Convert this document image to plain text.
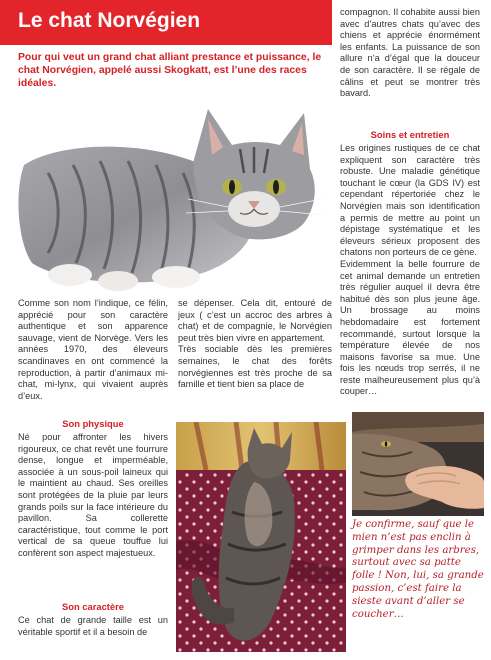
Le chat Norvégien

Pour qui veut un grand chat alliant prestance et puissance, le chat Norvégien, appelé aussi Skogkatt, est l’une des races idéales.

compagnon. Il cohabite aussi bien avec d’autres chats qu’avec des chiens et apprécie énormément les enfants. La puissance de son allure n’a d’égal que la douceur de son caractère. Il se régale de câlins et peut se montrer très bavard.

Comme son nom l’indique, ce félin, apprécié pour son caractère authentique et son apparence sauvage, vient de Norvège. Vers les années 1970, des éleveurs scandinaves en ont commencé la reproduction, à partir d’animaux mi-chat, mi-lynx, qui vivaient auprès d’eux.

Son physique

Né pour affronter les hivers rigoureux, ce chat revêt une fourrure dense, longue et imperméable, associée à un sous-poil laineux qui le maintient au chaud. Ses oreilles sont protégées de la pluie par leurs grands poils sur la face intérieure du pavillon. Sa collerette caractéristique, tout comme le port vertical de sa queue touffue lui confèrent son aspect majestueux.

Son caractère

Ce chat de grande taille est un véritable sportif et il a besoin de

se dépenser. Cela dit, entouré de jeux ( c’est un accroc des arbres à chat) et de compagnie, le Norvégien peut très bien vivre en appartement.

Très sociable dès les premières semaines, le chat des forêts norvégiennes est très proche de sa famille et tient bien sa place de

Soins et entretien

Les origines rustiques de ce chat expliquent son caractère très robuste. Une maladie génétique touchant le cœur (la GDS IV) est cependant répertoriée chez le Norvégien mais son identification a permis de mettre au point un dépistage systématique et les éleveurs sérieux proposent des chatons non porteurs de ce gène.

Evidemment la belle fourrure de cet animal demande un entretien très régulier auquel il devra être habitué dès son plus jeune âge. Un brossage au moins hebdomadaire est fortement recommandé, surtout lorsque la température élevée de nos maisons favorise sa mue. Une fois les nœuds trop serrés, il ne reste malheureusement plus qu’à couper…

Je confirme, sauf que le mien n’est pas enclin à grimper dans les arbres, surtout avec sa patte folle ! Non, lui, sa grande passion, c’est faire la sieste avant d’aller se coucher…
